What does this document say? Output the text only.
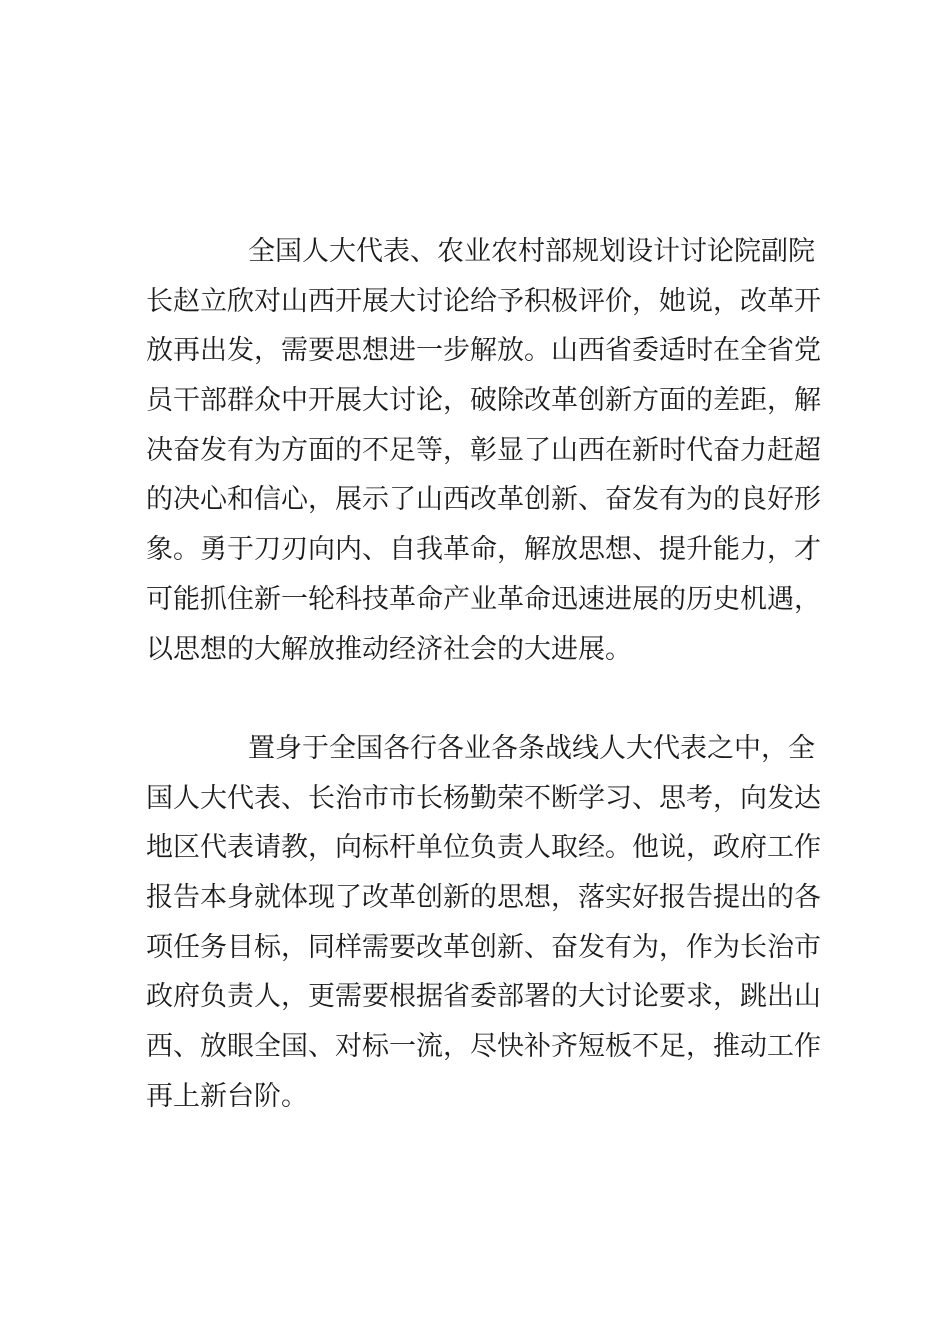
全国人大代表、农业农村部规划设计讨论院副院
长赵立欣对山西开展大讨论给予积极评价，她说，改革开
放再出发，需要思想进一步解放。山西省委适时在全省党
员干部群众中开展大讨论，破除改革创新方面的差距，解
决奋发有为方面的不足等，彰显了山西在新时代奋力赶超
的决心和信心，展示了山西改革创新、奋发有为的良好形
象。勇于刀刃向内、自我革命，解放思想、提升能力，才
可能抓住新一轮科技革命产业革命迅速进展的历史机遇，
以思想的大解放推动经济社会的大进展。
置身于全国各行各业各条战线人大代表之中，全
国人大代表、长治市市长杨勤荣不断学习、思考，向发达
地区代表请教，向标杆单位负责人取经。他说，政府工作
报告本身就体现了改革创新的思想，落实好报告提出的各
项任务目标，同样需要改革创新、奋发有为，作为长治市
政府负责人，更需要根据省委部署的大讨论要求，跳出山
西、放眼全国、对标一流，尽快补齐短板不足，推动工作
再上新台阶。
